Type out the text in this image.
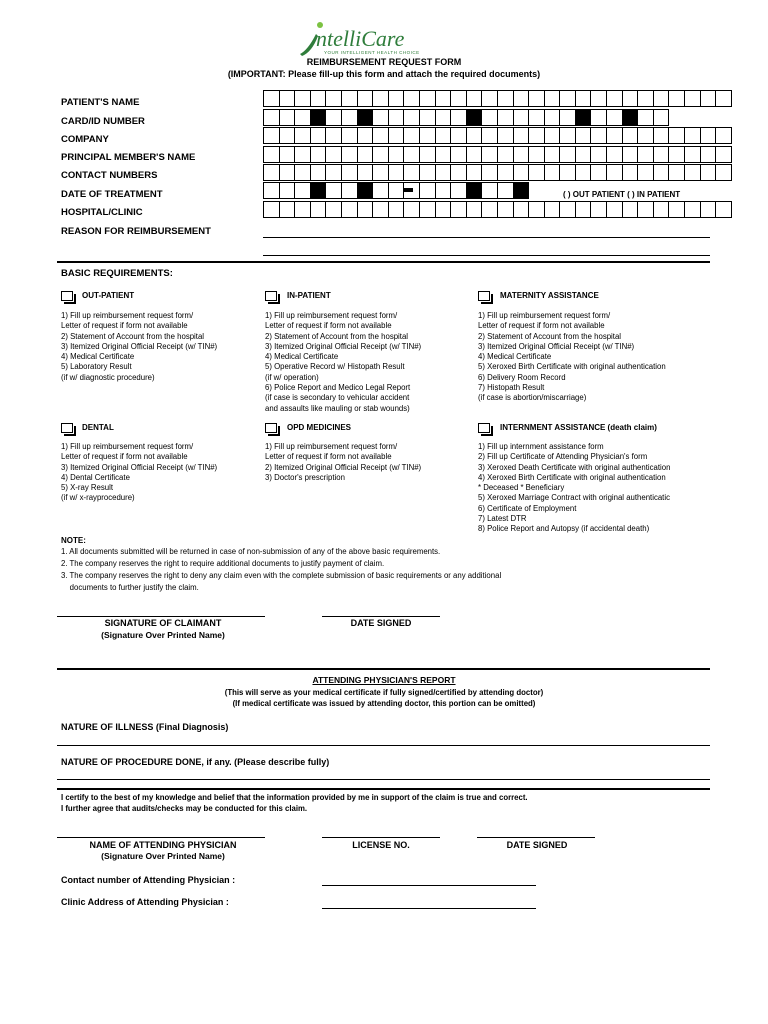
ntelliCare
YOUR INTELLIGENT HEALTH CHOICE
REIMBURSEMENT REQUEST FORM
(IMPORTANT: Please fill-up this form and attach the required documents)
PATIENT'S NAME
CARD/ID NUMBER
COMPANY
PRINCIPAL MEMBER'S NAME
CONTACT NUMBERS
DATE OF TREATMENT
HOSPITAL/CLINIC
REASON FOR REIMBURSEMENT
( ) OUT PATIENT ( ) IN PATIENT
BASIC REQUIREMENTS:
OUT-PATIENT	IN-PATIENT	MATERNITY ASSISTANCE
1) Fill up reimbursement request form/
Letter of request if form not available
2) Statement of Account from the hospital
3) Itemized Original Official Receipt (w/ TIN#)
4) Medical Certificate
5) Laboratory Result
(if w/ diagnostic procedure)
1) Fill up reimbursement request form/
Letter of request if form not available
2) Statement of Account from the hospital
3) Itemized Original Official Receipt (w/ TIN#)
4) Medical Certificate
5) Operative Record w/ Histopath Result
(if w/ operation)
6) Police Report and Medico Legal Report
(if case is secondary to vehicular accident
and assaults like mauling or stab wounds)
1) Fill up reimbursement request form/
Letter of request if form not available
2) Statement of Account from the hospital
3) Itemized Original Official Receipt (w/ TIN#)
4) Medical Certificate
5) Xeroxed Birth Certificate with original authentication
6) Delivery Room Record
7) Histopath Result
(if case is abortion/miscarriage)
DENTAL	OPD MEDICINES	INTERNMENT ASSISTANCE (death claim)
1) Fill up reimbursement request form/
Letter of request if form not available
3) Itemized Original Official Receipt (w/ TIN#)
4) Dental Certificate
5) X-ray Result
(if w/ x-rayprocedure)
1) Fill up reimbursement request form/
Letter of request if form not available
2) Itemized Original Official Receipt (w/ TIN#)
3) Doctor's prescription
1) Fill up internment assistance form
2) Fill up Certificate of Attending Physician's form
3) Xeroxed Death Certificate with original authentication
4) Xeroxed Birth Certificate with original authentication
* Deceased * Beneficiary
5) Xeroxed Marriage Contract with original authenticatic
6) Certificate of Employment
7) Latest DTR
8) Police Report and Autopsy (if accidental death)
NOTE:
1. All documents submitted will be returned in case of non-submission of any of the above basic requirements.
2. The company reserves the right to require additional documents to justify payment of claim.
3. The company reserves the right to deny any claim even with the complete submission of basic requirements or any additional
documents to further justify the claim.
SIGNATURE OF CLAIMANT
(Signature Over Printed Name)
DATE SIGNED
ATTENDING PHYSICIAN'S REPORT
(This will serve as your medical certificate if fully signed/certified by attending doctor)
(If medical certificate was issued by attending doctor, this portion can be omitted)
NATURE OF ILLNESS (Final Diagnosis)
NATURE OF PROCEDURE DONE, if any. (Please describe fully)
I certify to the best of my knowledge and belief that the information provided by me in support of the claim is true and correct.
I further agree that audits/checks may be conducted for this claim.
NAME OF ATTENDING PHYSICIAN
(Signature Over Printed Name)
LICENSE NO.	DATE SIGNED
Contact number of Attending Physician :
Clinic Address of Attending Physician :
